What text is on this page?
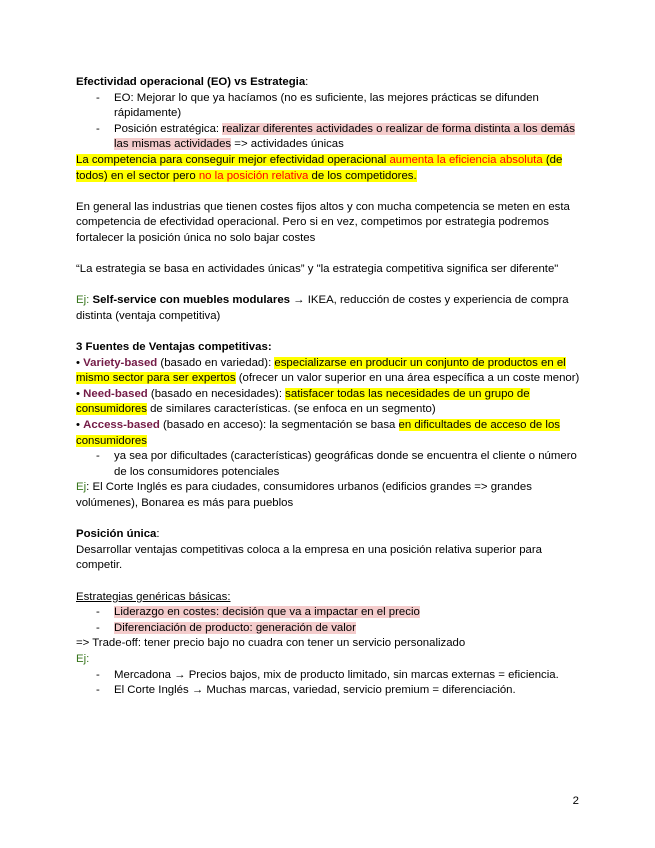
Efectividad operacional (EO) vs Estrategia:

- EO: Mejorar lo que ya hacíamos (no es suficiente, las mejores prácticas se difunden rápidamente)
- Posición estratégica: realizar diferentes actividades o realizar de forma distinta a los demás las mismas actividades => actividades únicas

La competencia para conseguir mejor efectividad operacional aumenta la eficiencia absoluta (de todos) en el sector pero no la posición relativa de los competidores.

En general las industrias que tienen costes fijos altos y con mucha competencia se meten en esta competencia de efectividad operacional. Pero si en vez, competimos por estrategia podremos fortalecer la posición única no solo bajar costes

“La estrategia se basa en actividades únicas” y "la estrategia competitiva significa ser diferente"

Ej: Self-service con muebles modulares → IKEA, reducción de costes y experiencia de compra distinta (ventaja competitiva)

3 Fuentes de Ventajas competitivas:

• Variety-based (basado en variedad): especializarse en producir un conjunto de productos en el mismo sector para ser expertos (ofrecer un valor superior en una área específica a un coste menor)

• Need-based (basado en necesidades): satisfacer todas las necesidades de un grupo de consumidores de similares características. (se enfoca en un segmento)

• Access-based (basado en acceso): la segmentación se basa en dificultades de acceso de los consumidores

- ya sea por dificultades (características) geográficas donde se encuentra el cliente o número de los consumidores potenciales

Ej: El Corte Inglés es para ciudades, consumidores urbanos (edificios grandes => grandes volúmenes), Bonarea es más para pueblos

Posición única:

Desarrollar ventajas competitivas coloca a la empresa en una posición relativa superior para competir.

Estrategias genéricas básicas:

- Liderazgo en costes: decisión que va a impactar en el precio
- Diferenciación de producto: generación de valor

=> Trade-off: tener precio bajo no cuadra con tener un servicio personalizado

Ej:

- Mercadona → Precios bajos, mix de producto limitado, sin marcas externas = eficiencia.
- El Corte Inglés → Muchas marcas, variedad, servicio premium = diferenciación.
2
